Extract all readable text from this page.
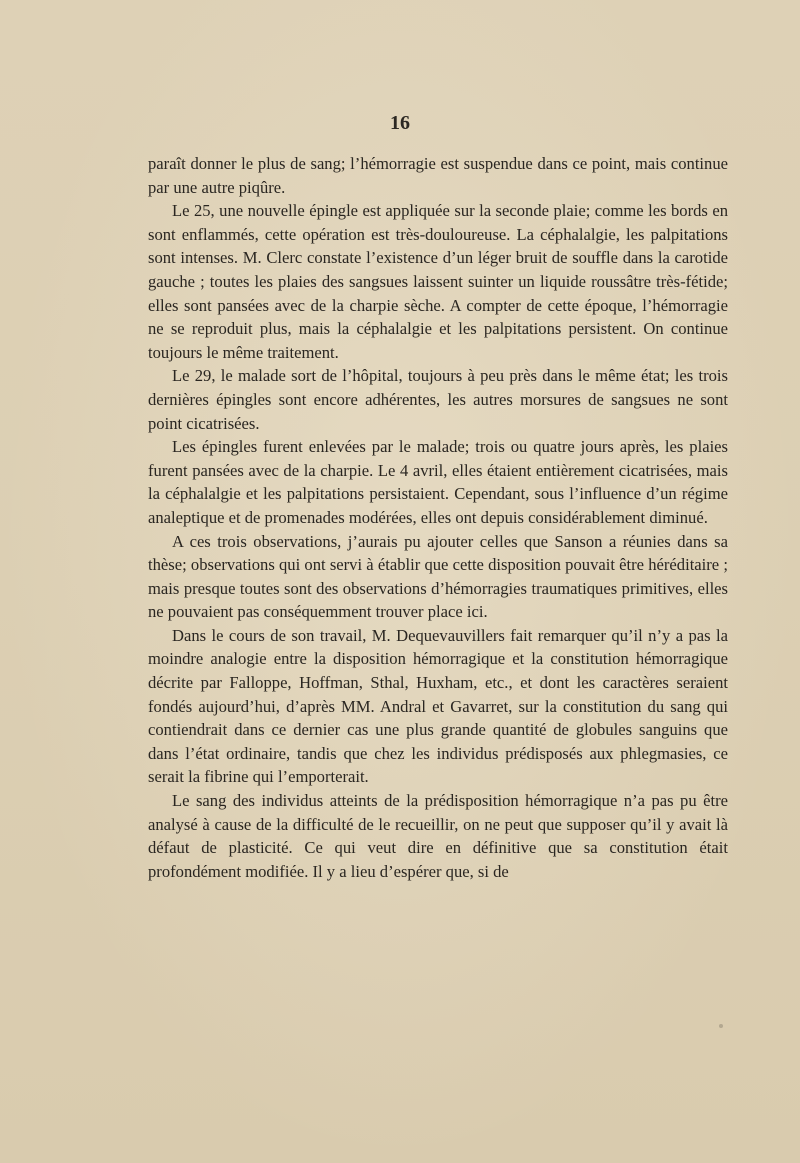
16

paraît donner le plus de sang; l’hémorragie est suspendue dans ce point, mais continue par une autre piqûre.

Le 25, une nouvelle épingle est appliquée sur la seconde plaie; comme les bords en sont enflammés, cette opération est très-douloureuse. La céphalalgie, les palpitations sont intenses. M. Clerc constate l’existence d’un léger bruit de souffle dans la carotide gauche ; toutes les plaies des sangsues laissent suinter un liquide roussâtre très-fétide; elles sont pansées avec de la charpie sèche. A compter de cette époque, l’hémorragie ne se reproduit plus, mais la céphalalgie et les palpitations persistent. On continue toujours le même traitement.

Le 29, le malade sort de l’hôpital, toujours à peu près dans le même état; les trois dernières épingles sont encore adhérentes, les autres morsures de sangsues ne sont point cicatrisées.

Les épingles furent enlevées par le malade; trois ou quatre jours après, les plaies furent pansées avec de la charpie. Le 4 avril, elles étaient entièrement cicatrisées, mais la céphalalgie et les palpitations persistaient. Cependant, sous l’influence d’un régime analeptique et de promenades modérées, elles ont depuis considérablement diminué.

A ces trois observations, j’aurais pu ajouter celles que Sanson a réunies dans sa thèse; observations qui ont servi à établir que cette disposition pouvait être héréditaire ; mais presque toutes sont des observations d’hémorragies traumatiques primitives, elles ne pouvaient pas conséquemment trouver place ici.

Dans le cours de son travail, M. Dequevauvillers fait remarquer qu’il n’y a pas la moindre analogie entre la disposition hémorragique et la constitution hémorragique décrite par Falloppe, Hoffman, Sthal, Huxham, etc., et dont les caractères seraient fondés aujourd’hui, d’après MM. Andral et Gavarret, sur la constitution du sang qui contiendrait dans ce dernier cas une plus grande quantité de globules sanguins que dans l’état ordinaire, tandis que chez les individus prédisposés aux phlegmasies, ce serait la fibrine qui l’emporterait.

Le sang des individus atteints de la prédisposition hémorragique n’a pas pu être analysé à cause de la difficulté de le recueillir, on ne peut que supposer qu’il y avait là défaut de plasticité. Ce qui veut dire en définitive que sa constitution était profondément modifiée. Il y a lieu d’espérer que, si de
